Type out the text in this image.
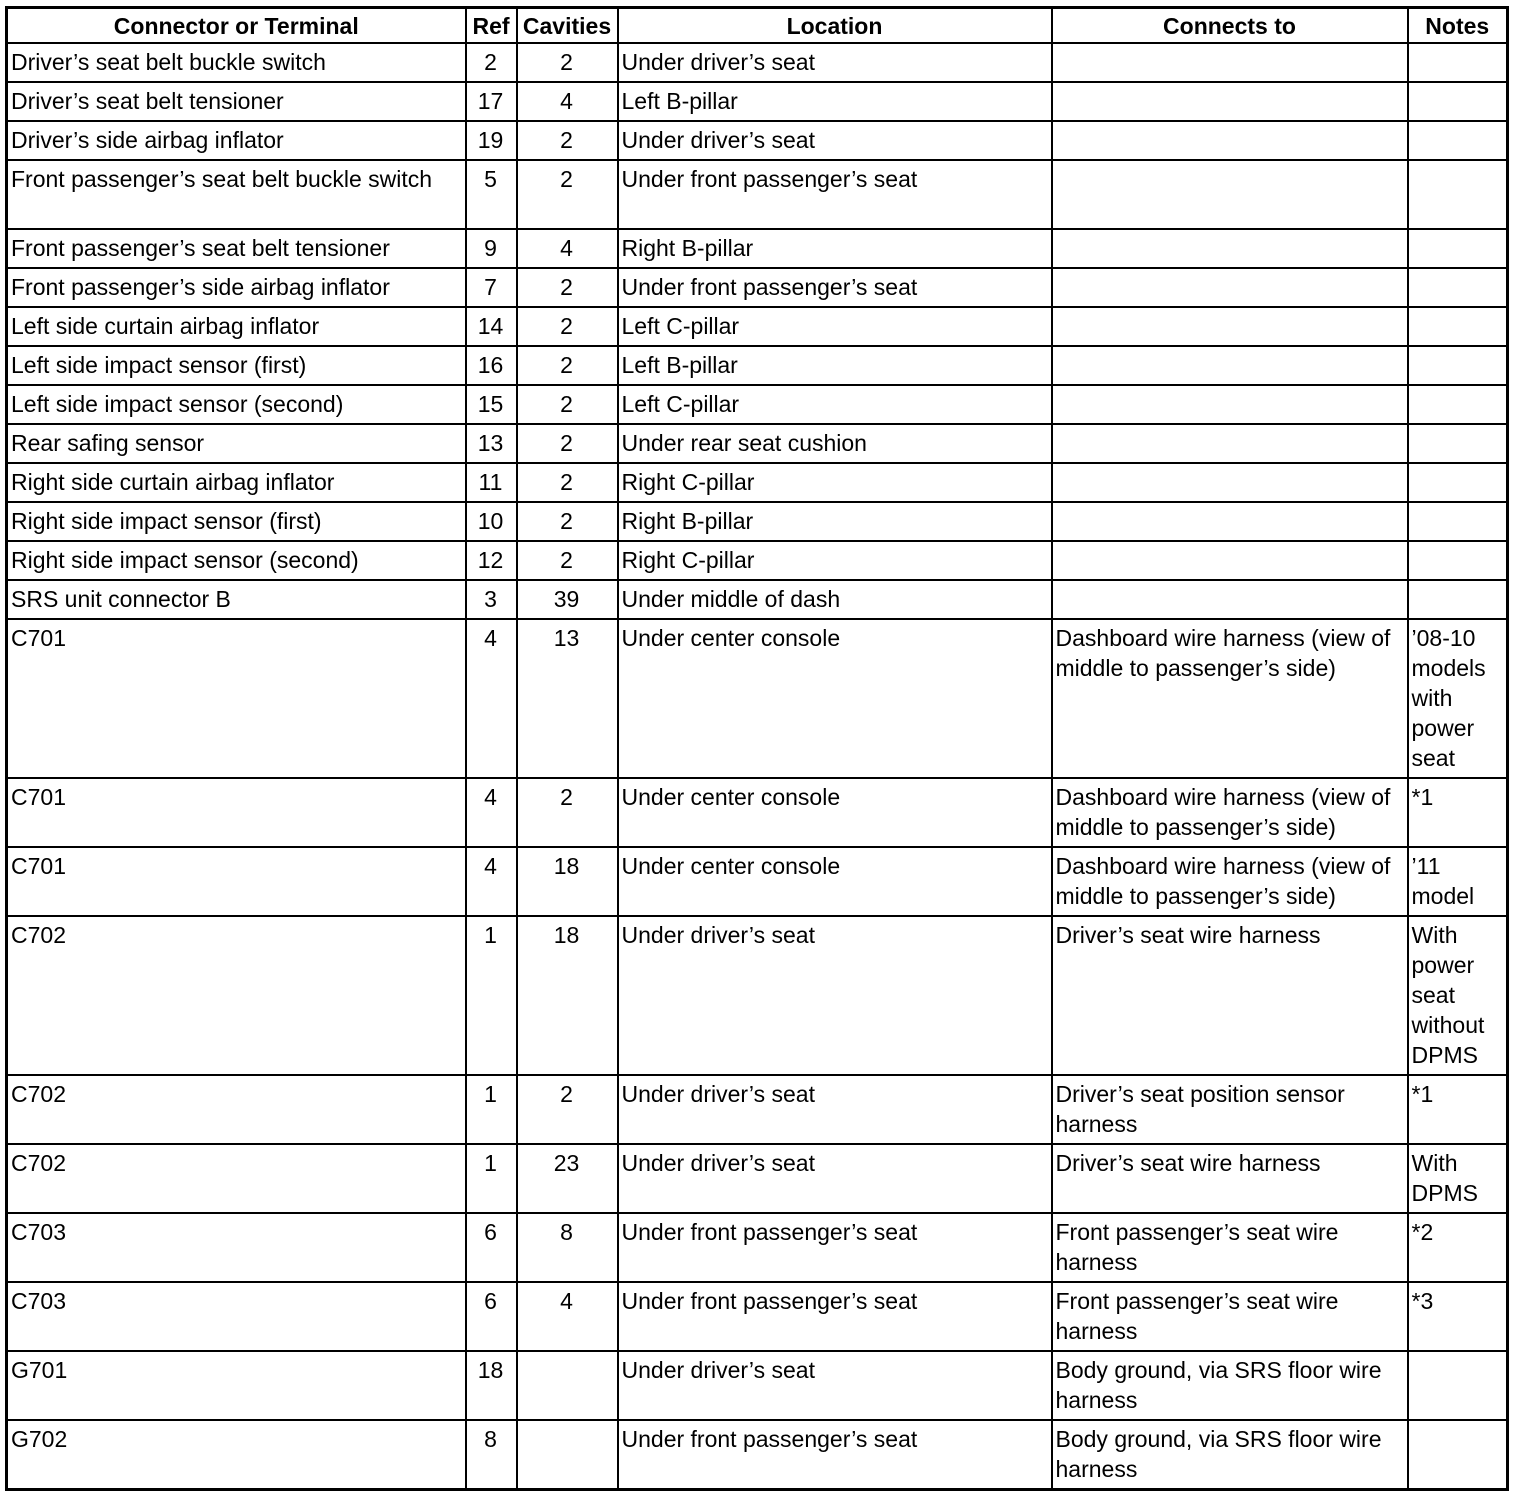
Connector or Terminal	Ref	Cavities	Location	Connects to	Notes
Driver’s seat belt buckle switch	2	2	Under driver’s seat		
Driver’s seat belt tensioner	17	4	Left B-pillar		
Driver’s side airbag inflator	19	2	Under driver’s seat		
Front passenger’s seat belt buckle switch	5	2	Under front passenger’s seat		
Front passenger’s seat belt tensioner	9	4	Right B-pillar		
Front passenger’s side airbag inflator	7	2	Under front passenger’s seat		
Left side curtain airbag inflator	14	2	Left C-pillar		
Left side impact sensor (first)	16	2	Left B-pillar		
Left side impact sensor (second)	15	2	Left C-pillar		
Rear safing sensor	13	2	Under rear seat cushion		
Right side curtain airbag inflator	11	2	Right C-pillar		
Right side impact sensor (first)	10	2	Right B-pillar		
Right side impact sensor (second)	12	2	Right C-pillar		
SRS unit connector B	3	39	Under middle of dash		
C701	4	13	Under center console	Dashboard wire harness (view of middle to passenger’s side)	’08-10 models with power seat
C701	4	2	Under center console	Dashboard wire harness (view of middle to passenger’s side)	*1
C701	4	18	Under center console	Dashboard wire harness (view of middle to passenger’s side)	’11 model
C702	1	18	Under driver’s seat	Driver’s seat wire harness	With power seat without DPMS
C702	1	2	Under driver’s seat	Driver’s seat position sensor harness	*1
C702	1	23	Under driver’s seat	Driver’s seat wire harness	With DPMS
C703	6	8	Under front passenger’s seat	Front passenger’s seat wire harness	*2
C703	6	4	Under front passenger’s seat	Front passenger’s seat wire harness	*3
G701	18		Under driver’s seat	Body ground, via SRS floor wire harness	
G702	8		Under front passenger’s seat	Body ground, via SRS floor wire harness	
